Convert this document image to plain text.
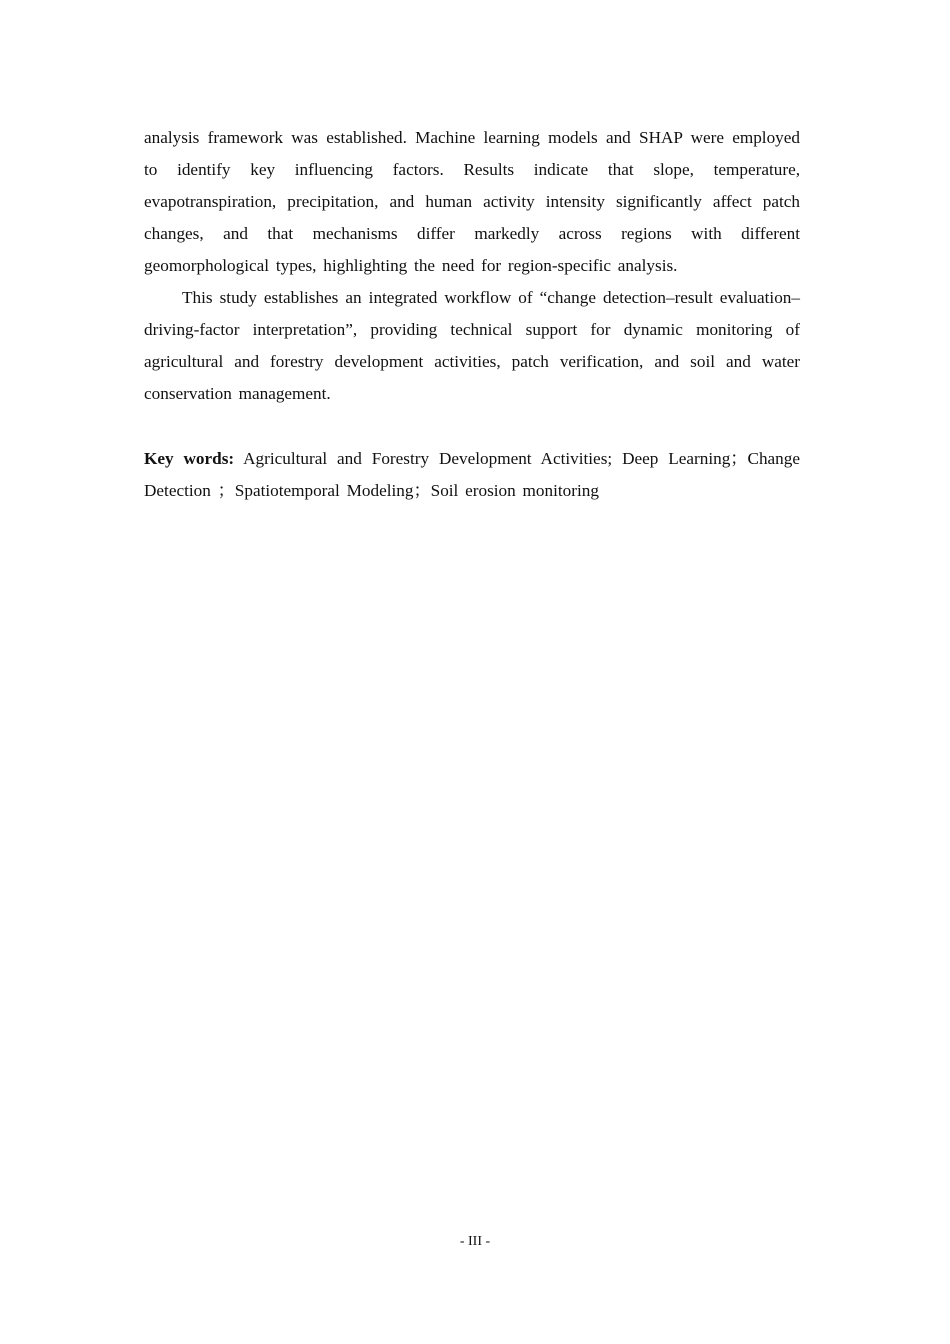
analysis framework was established. Machine learning models and SHAP were employed to identify key influencing factors. Results indicate that slope, temperature, evapotranspiration, precipitation, and human activity intensity significantly affect patch changes, and that mechanisms differ markedly across regions with different geomorphological types, highlighting the need for region-specific analysis.

This study establishes an integrated workflow of “change detection–result evaluation–driving-factor interpretation”, providing technical support for dynamic monitoring of agricultural and forestry development activities, patch verification, and soil and water conservation management.

Key words: Agricultural and Forestry Development Activities; Deep Learning；Change Detection ；Spatiotemporal Modeling；Soil erosion monitoring

- III -
